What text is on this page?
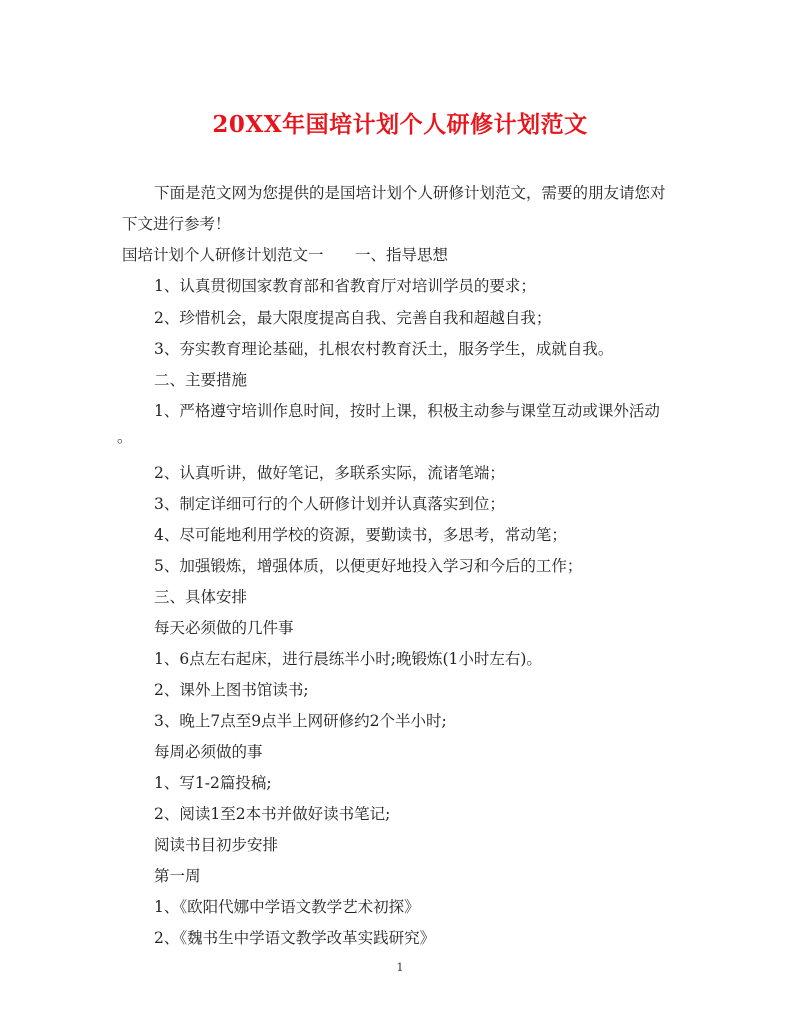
20XX年国培计划个人研修计划范文
下面是范文网为您提供的是国培计划个人研修计划范文，需要的朋友请您对
下文进行参考！
国培计划个人研修计划范文一 一、指导思想
1、认真贯彻国家教育部和省教育厅对培训学员的要求；
2、珍惜机会，最大限度提高自我、完善自我和超越自我；
3、夯实教育理论基础，扎根农村教育沃土，服务学生，成就自我。
二、主要措施
1、严格遵守培训作息时间，按时上课，积极主动参与课堂互动或课外活动
。
2、认真听讲，做好笔记，多联系实际，流诸笔端；
3、制定详细可行的个人研修计划并认真落实到位；
4、尽可能地利用学校的资源，要勤读书，多思考，常动笔；
5、加强锻炼，增强体质，以便更好地投入学习和今后的工作；
三、具体安排
每天必须做的几件事
1、6点左右起床，进行晨练半小时;晚锻炼(1小时左右)。
2、课外上图书馆读书;
3、晚上7点至9点半上网研修约2个半小时;
每周必须做的事
1、写1-2篇投稿;
2、阅读1至2本书并做好读书笔记;
阅读书目初步安排
第一周
1、《欧阳代娜中学语文教学艺术初探》
2、《魏书生中学语文教学改革实践研究》
1
